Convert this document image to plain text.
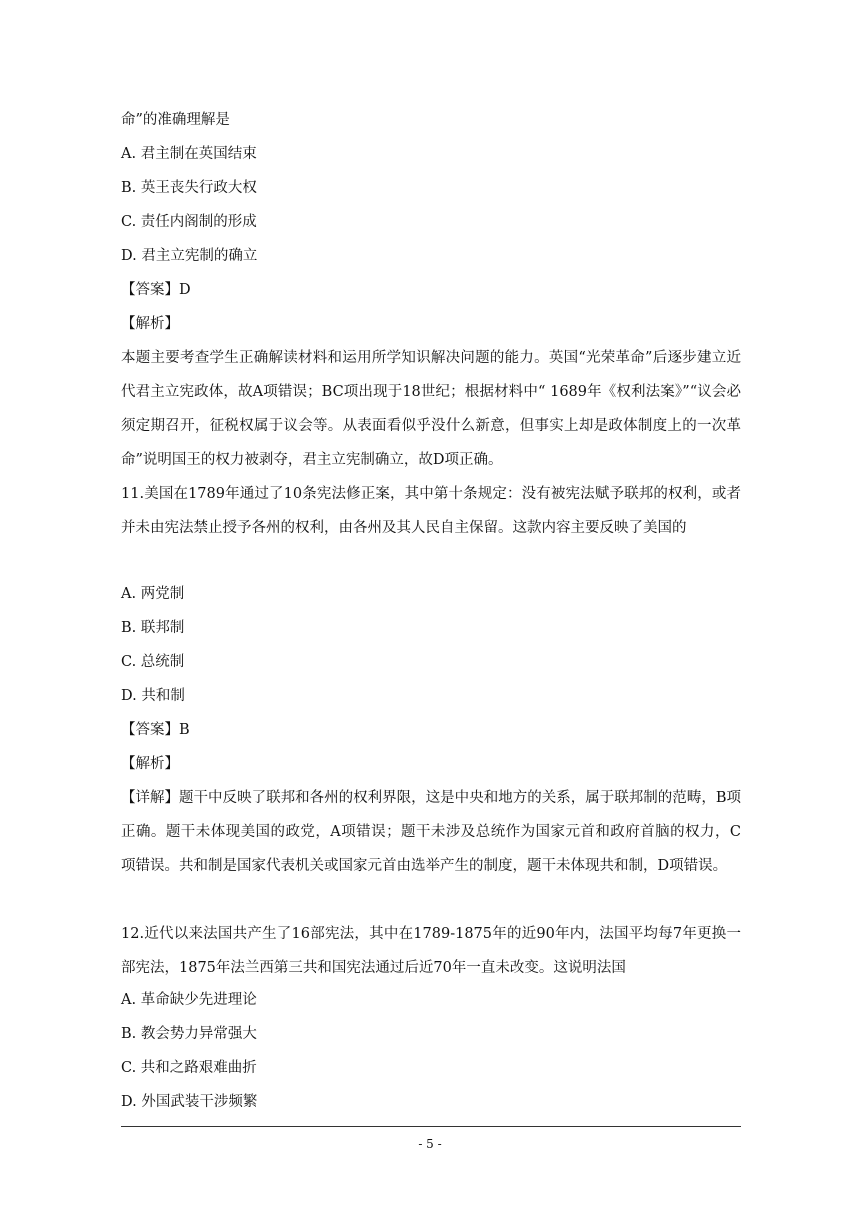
命”的准确理解是
A. 君主制在英国结束
B. 英王丧失行政大权
C. 责任内阁制的形成
D. 君主立宪制的确立
【答案】D
【解析】
本题主要考查学生正确解读材料和运用所学知识解决问题的能力。英国“光荣革命”后逐步建立近代君主立宪政体，故A项错误；BC项出现于18世纪；根据材料中“ 1689年《权利法案》”“议会必须定期召开，征税权属于议会等。从表面看似乎没什么新意，但事实上却是政体制度上的一次革命”说明国王的权力被剥夺，君主立宪制确立，故D项正确。
11.美国在1789年通过了10条宪法修正案，其中第十条规定：没有被宪法赋予联邦的权利，或者并未由宪法禁止授予各州的权利，由各州及其人民自主保留。这款内容主要反映了美国的
A. 两党制
B. 联邦制
C. 总统制
D. 共和制
【答案】B
【解析】
【详解】题干中反映了联邦和各州的权利界限，这是中央和地方的关系，属于联邦制的范畴，B项正确。题干未体现美国的政党，A项错误；题干未涉及总统作为国家元首和政府首脑的权力，C 项错误。共和制是国家代表机关或国家元首由选举产生的制度，题干未体现共和制，D项错误。
12.近代以来法国共产生了16部宪法，其中在1789-1875年的近90年内，法国平均每7年更换一部宪法，1875年法兰西第三共和国宪法通过后近70年一直未改变。这说明法国
A. 革命缺少先进理论
B. 教会势力异常强大
C. 共和之路艰难曲折
D. 外国武装干涉频繁
- 5 -
